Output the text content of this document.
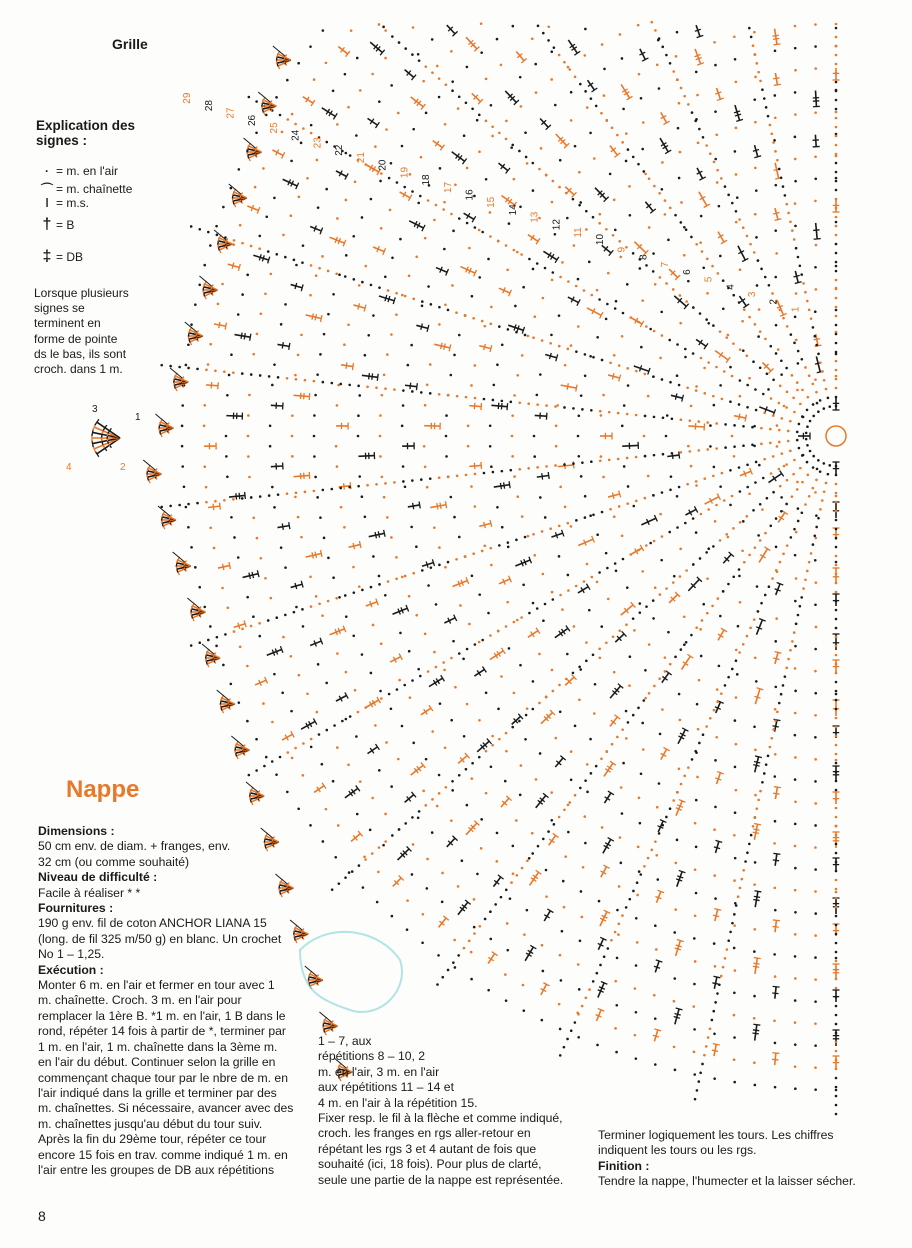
1
2
3
4
5
6
7
8
9
10
11
12
13
14
15
16
17
18
19
20
21
22
23
24
25
26
27
28
29
1
2
3
4
Grille
Explication des
signes :
· = m. en l'air
⌒ = m. chaînette
ǀ = m.s.
† = B
‡ = DB
Lorsque plusieurs
signes se
terminent en
forme de pointe
ds le bas, ils sont
croch. dans 1 m.
Nappe
Dimensions :
50 cm env. de diam. + franges, env.
32 cm (ou comme souhaité)
Niveau de difficulté :
Facile à réaliser * *
Fournitures :
190 g env. fil de coton ANCHOR LIANA 15
(long. de fil 325 m/50 g) en blanc. Un crochet
No 1 – 1,25.
Exécution :
Monter 6 m. en l'air et fermer en tour avec 1
m. chaînette. Croch. 3 m. en l'air pour
remplacer la 1ère B. *1 m. en l'air, 1 B dans le
rond, répéter 14 fois à partir de *, terminer par
1 m. en l'air, 1 m. chaînette dans la 3ème m.
en l'air du début. Continuer selon la grille en
commençant chaque tour par le nbre de m. en
l'air indiqué dans la grille et terminer par des
m. chaînettes. Si nécessaire, avancer avec des
m. chaînettes jusqu'au début du tour suiv.
Après la fin du 29ème tour, répéter ce tour
encore 15 fois en trav. comme indiqué 1 m. en
l'air entre les groupes de DB aux répétitions
1 – 7, aux
répétitions 8 – 10, 2
m. en l'air, 3 m. en l'air
aux répétitions 11 – 14 et
4 m. en l'air à la répétition 15.
Fixer resp. le fil à la flèche et comme indiqué,
croch. les franges en rgs aller-retour en
répétant les rgs 3 et 4 autant de fois que
souhaité (ici, 18 fois). Pour plus de clarté,
seule une partie de la nappe est représentée.
Terminer logiquement les tours. Les chiffres
indiquent les tours ou les rgs.
Finition :
Tendre la nappe, l'humecter et la laisser sécher.
8
